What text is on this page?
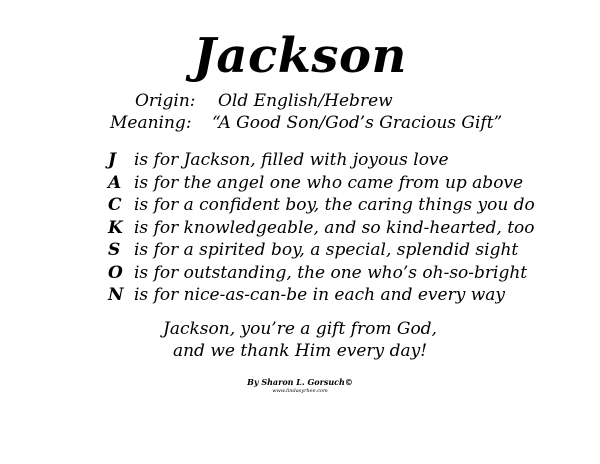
Jackson
Origin: Old English/Hebrew
Meaning: “A Good Son/God’s Gracious Gift”
J	is for Jackson, filled with joyous love
A is for the angel one who came from up above
C is for a confident boy, the caring things you do
K is for knowledgeable, and so kind-hearted, too
S is for a spirited boy, a special, splendid sight
O is for outstanding, the one who’s oh-so-bright
N is for nice-as-can-be in each and every way
Jackson, you’re a gift from God,
and we thank Him every day!
By Sharon L. Gorsuch©
www.lindasyrhee.com
